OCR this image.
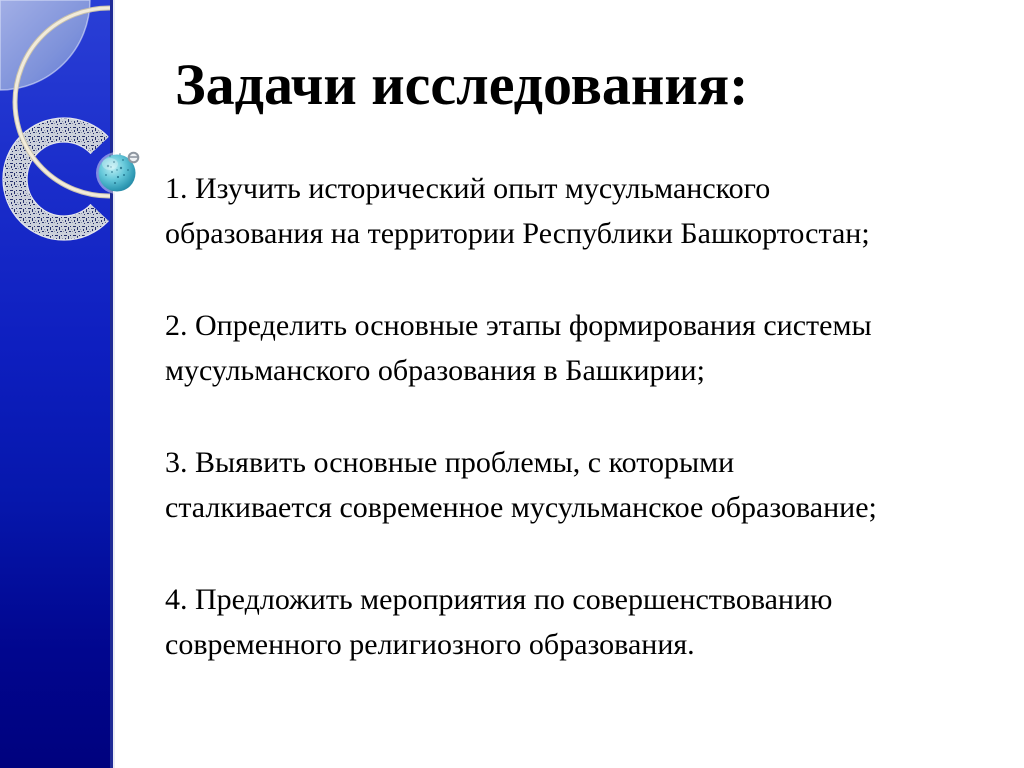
Задачи исследования:

1. Изучить исторический опыт мусульманского
образования на территории Республики Башкортостан;

2. Определить основные этапы формирования системы
мусульманского образования в Башкирии;

3. Выявить основные проблемы, с которыми
сталкивается современное мусульманское образование;

4. Предложить мероприятия по совершенствованию
современного религиозного образования.
